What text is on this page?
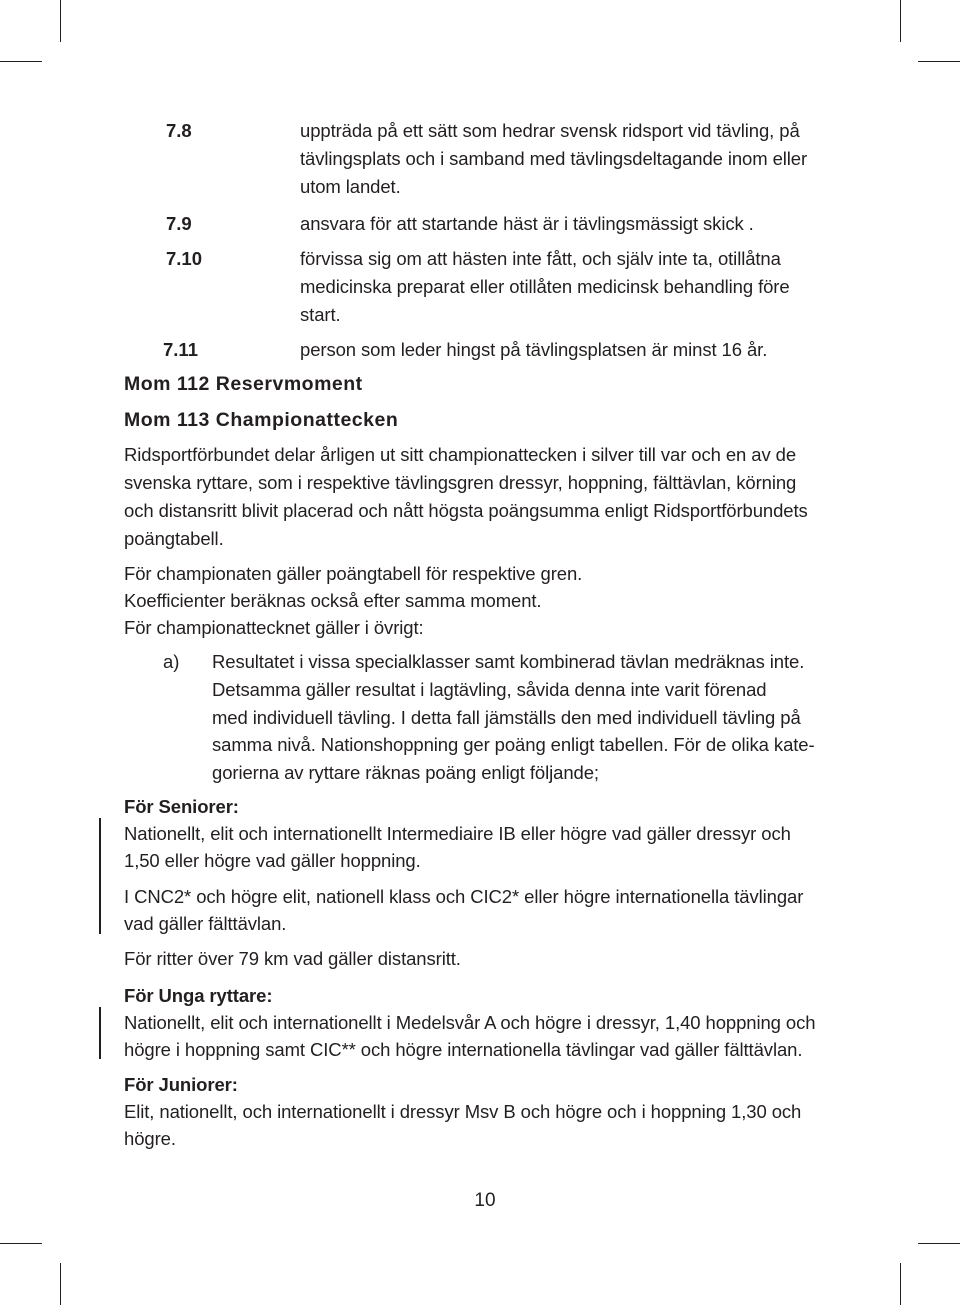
7.8	uppträda på ett sätt som hedrar svensk ridsport vid tävling, på
tävlingsplats och i samband med tävlingsdeltagande inom eller
utom landet.
7.9	ansvara för att startande häst är i tävlingsmässigt skick .
7.10	förvissa sig om att hästen inte fått, och själv inte ta, otillåtna
medicinska preparat eller otillåten medicinsk behandling före
start.
7.11	person som leder hingst på tävlingsplatsen är minst 16 år.
Mom 112 Reservmoment
Mom 113 Championattecken
Ridsportförbundet delar årligen ut sitt championattecken i silver till var och en av de
svenska ryttare, som i respektive tävlingsgren dressyr, hoppning, fälttävlan, körning
och distansritt blivit placerad och nått högsta poängsumma enligt Ridsportförbundets
poängtabell.
För championaten gäller poängtabell för respektive gren.
Koefficienter beräknas också efter samma moment.
För championattecknet gäller i övrigt:
a) Resultatet i vissa specialklasser samt kombinerad tävlan medräknas inte.
Detsamma gäller resultat i lagtävling, såvida denna inte varit förenad
med individuell tävling. I detta fall jämställs den med individuell tävling på
samma nivå. Nationshoppning ger poäng enligt tabellen. För de olika kate-
gorierna av ryttare räknas poäng enligt följande;
För Seniorer:
Nationellt, elit och internationellt Intermediaire IB eller högre vad gäller dressyr och
1,50 eller högre vad gäller hoppning.
I CNC2* och högre elit, nationell klass och CIC2* eller högre internationella tävlingar
vad gäller fälttävlan.
För ritter över 79 km vad gäller distansritt.
För Unga ryttare:
Nationellt, elit och internationellt i Medelsvår A och högre i dressyr, 1,40 hoppning och
högre i hoppning samt CIC** och högre internationella tävlingar vad gäller fälttävlan.
För Juniorer:
Elit, nationellt, och internationellt i dressyr Msv B och högre och i hoppning 1,30 och
högre.
10
